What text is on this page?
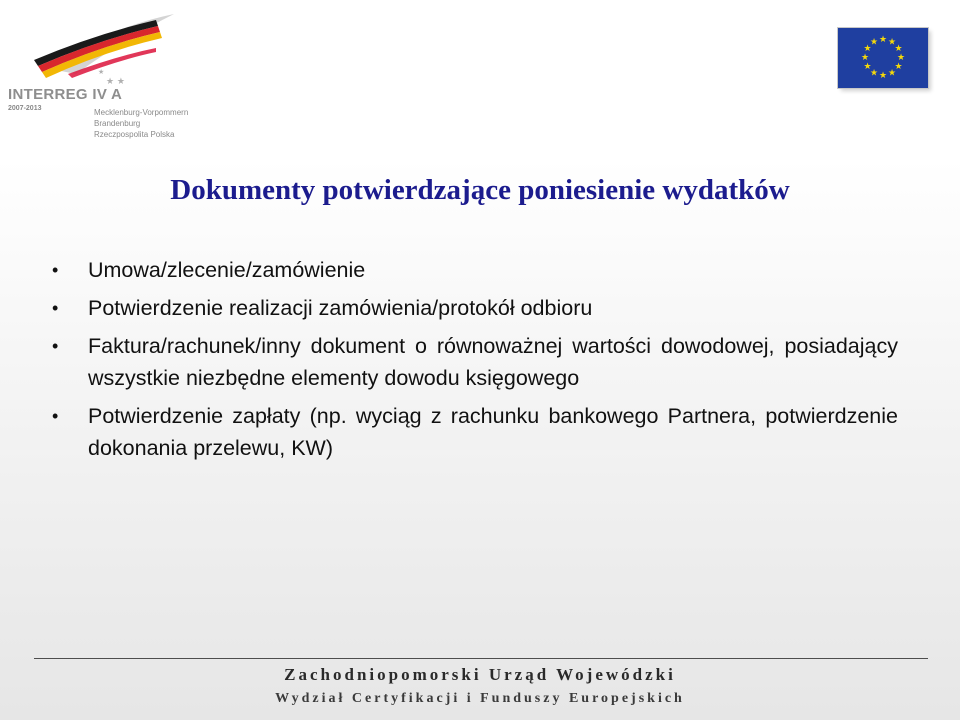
★ ★
★
INTERREG IV A
2007-2013	Mecklenburg-Vorpommern
Brandenburg
Rzeczpospolita Polska
★ ★
★
★
★
★
★
★
★
★
★
★
Dokumenty potwierdzające poniesienie wydatków
•	Umowa/zlecenie/zamówienie
•	Potwierdzenie realizacji zamówienia/protokół odbioru
•	Faktura/rachunek/inny dokument o równoważnej wartości dowodowej, posiadający wszystkie niezbędne elementy dowodu księgowego
•	Potwierdzenie zapłaty (np. wyciąg z rachunku bankowego Partnera, potwierdzenie dokonania przelewu, KW)
Zachodniopomorski Urząd Wojewódzki
Wydział Certyfikacji i Funduszy Europejskich
